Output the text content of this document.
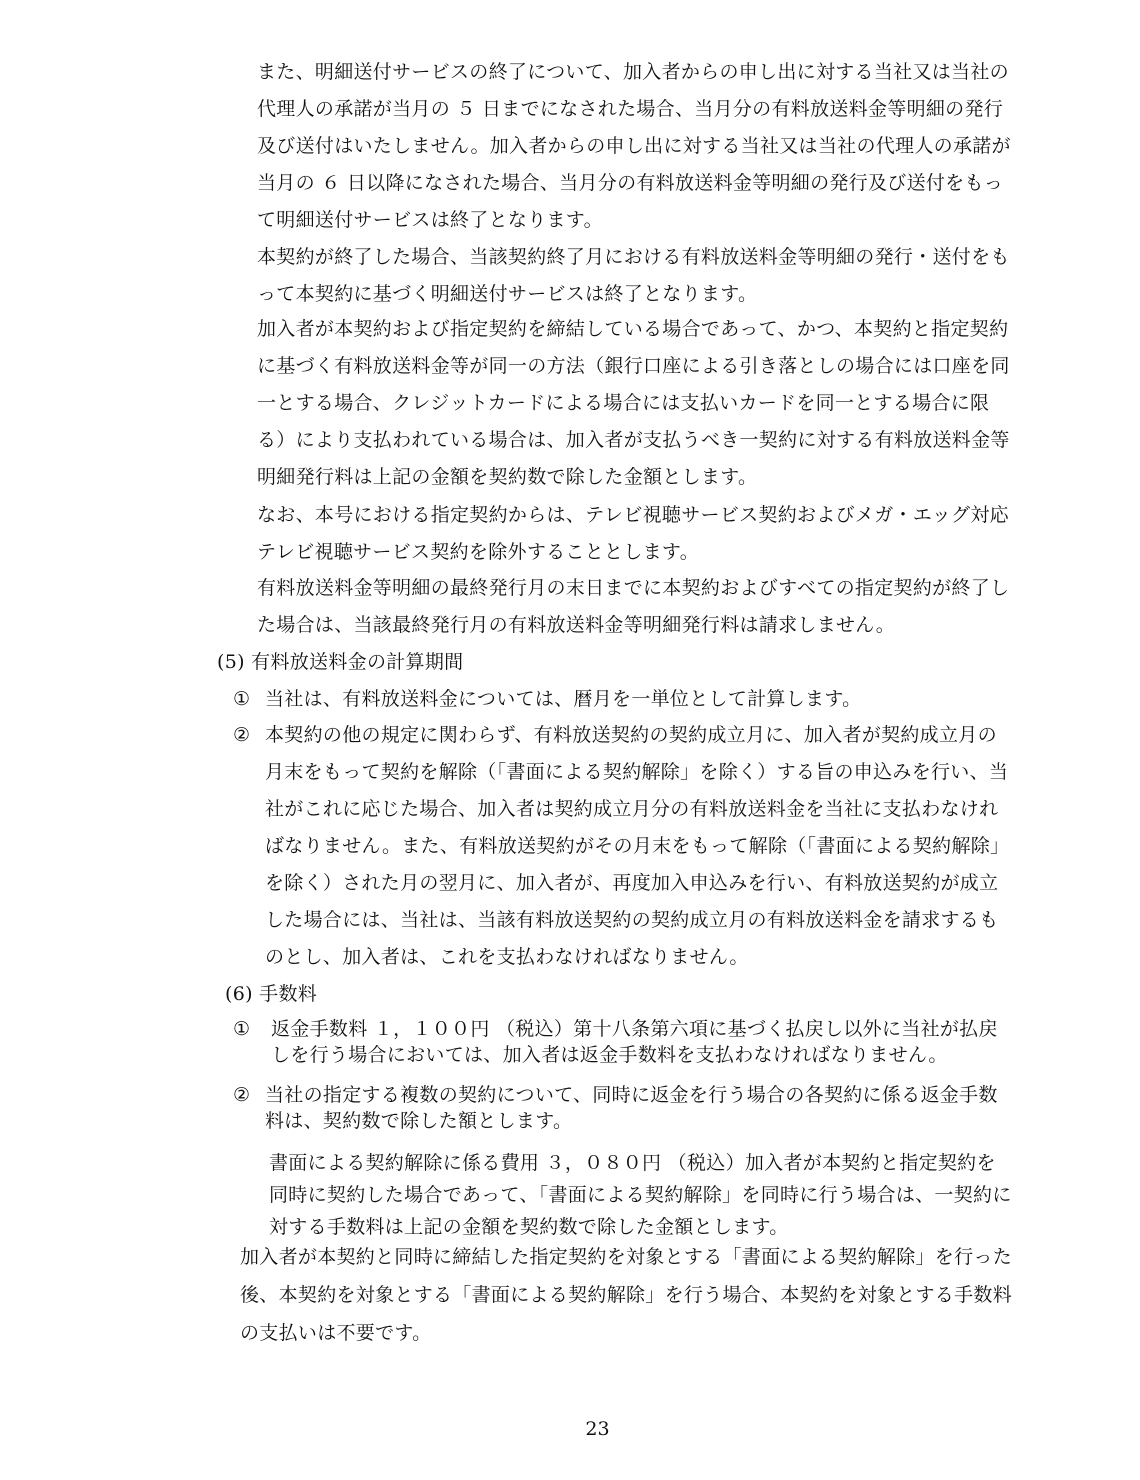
また、明細送付サービスの終了について、加入者からの申し出に対する当社又は当社の
代理人の承諾が当月の ５ 日までになされた場合、当月分の有料放送料金等明細の発行
及び送付はいたしません。加入者からの申し出に対する当社又は当社の代理人の承諾が
当月の ６ 日以降になされた場合、当月分の有料放送料金等明細の発行及び送付をもっ
て明細送付サービスは終了となります。
本契約が終了した場合、当該契約終了月における有料放送料金等明細の発行・送付をも
って本契約に基づく明細送付サービスは終了となります。
加入者が本契約および指定契約を締結している場合であって、かつ、本契約と指定契約
に基づく有料放送料金等が同一の方法（銀行口座による引き落としの場合には口座を同
一とする場合、クレジットカードによる場合には支払いカードを同一とする場合に限
る）により支払われている場合は、加入者が支払うべき一契約に対する有料放送料金等
明細発行料は上記の金額を契約数で除した金額とします。
なお、本号における指定契約からは、テレビ視聴サービス契約およびメガ・エッグ対応
テレビ視聴サービス契約を除外することとします。
有料放送料金等明細の最終発行月の末日までに本契約およびすべての指定契約が終了し
た場合は、当該最終発行月の有料放送料金等明細発行料は請求しません。
(5) 有料放送料金の計算期間
① 当社は、有料放送料金については、暦月を一単位として計算します。
② 本契約の他の規定に関わらず、有料放送契約の契約成立月に、加入者が契約成立月の
月末をもって契約を解除（「書面による契約解除」を除く）する旨の申込みを行い、当
社がこれに応じた場合、加入者は契約成立月分の有料放送料金を当社に支払わなけれ
ばなりません。また、有料放送契約がその月末をもって解除（「書面による契約解除」
を除く）された月の翌月に、加入者が、再度加入申込みを行い、有料放送契約が成立
した場合には、当社は、当該有料放送契約の契約成立月の有料放送料金を請求するも
のとし、加入者は、これを支払わなければなりません。
(6) 手数料
① 返金手数料 １，１００円 （税込）第十八条第六項に基づく払戻し以外に当社が払戻
しを行う場合においては、加入者は返金手数料を支払わなければなりません。
② 当社の指定する複数の契約について、同時に返金を行う場合の各契約に係る返金手数
料は、契約数で除した額とします。
書面による契約解除に係る費用 ３，０８０円 （税込）加入者が本契約と指定契約を
同時に契約した場合であって、「書面による契約解除」を同時に行う場合は、一契約に
対する手数料は上記の金額を契約数で除した金額とします。
加入者が本契約と同時に締結した指定契約を対象とする「書面による契約解除」を行った
後、本契約を対象とする「書面による契約解除」を行う場合、本契約を対象とする手数料
の支払いは不要です。
23
